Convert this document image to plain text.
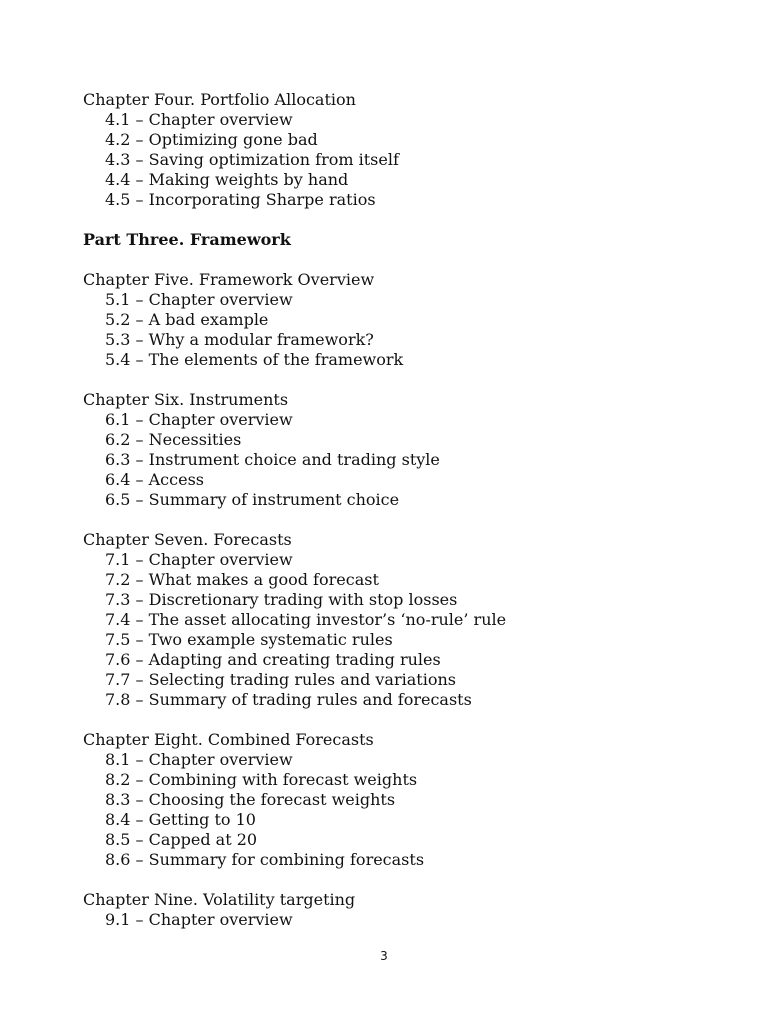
Chapter Four. Portfolio Allocation
4.1 – Chapter overview
4.2 – Optimizing gone bad
4.3 – Saving optimization from itself
4.4 – Making weights by hand
4.5 – Incorporating Sharpe ratios
Part Three. Framework
Chapter Five. Framework Overview
5.1 – Chapter overview
5.2 – A bad example
5.3 – Why a modular framework?
5.4 – The elements of the framework
Chapter Six. Instruments
6.1 – Chapter overview
6.2 – Necessities
6.3 – Instrument choice and trading style
6.4 – Access
6.5 – Summary of instrument choice
Chapter Seven. Forecasts
7.1 – Chapter overview
7.2 – What makes a good forecast
7.3 – Discretionary trading with stop losses
7.4 – The asset allocating investor’s ‘no-rule’ rule
7.5 – Two example systematic rules
7.6 – Adapting and creating trading rules
7.7 – Selecting trading rules and variations
7.8 – Summary of trading rules and forecasts
Chapter Eight. Combined Forecasts
8.1 – Chapter overview
8.2 – Combining with forecast weights
8.3 – Choosing the forecast weights
8.4 – Getting to 10
8.5 – Capped at 20
8.6 – Summary for combining forecasts
Chapter Nine. Volatility targeting
9.1 – Chapter overview
3
